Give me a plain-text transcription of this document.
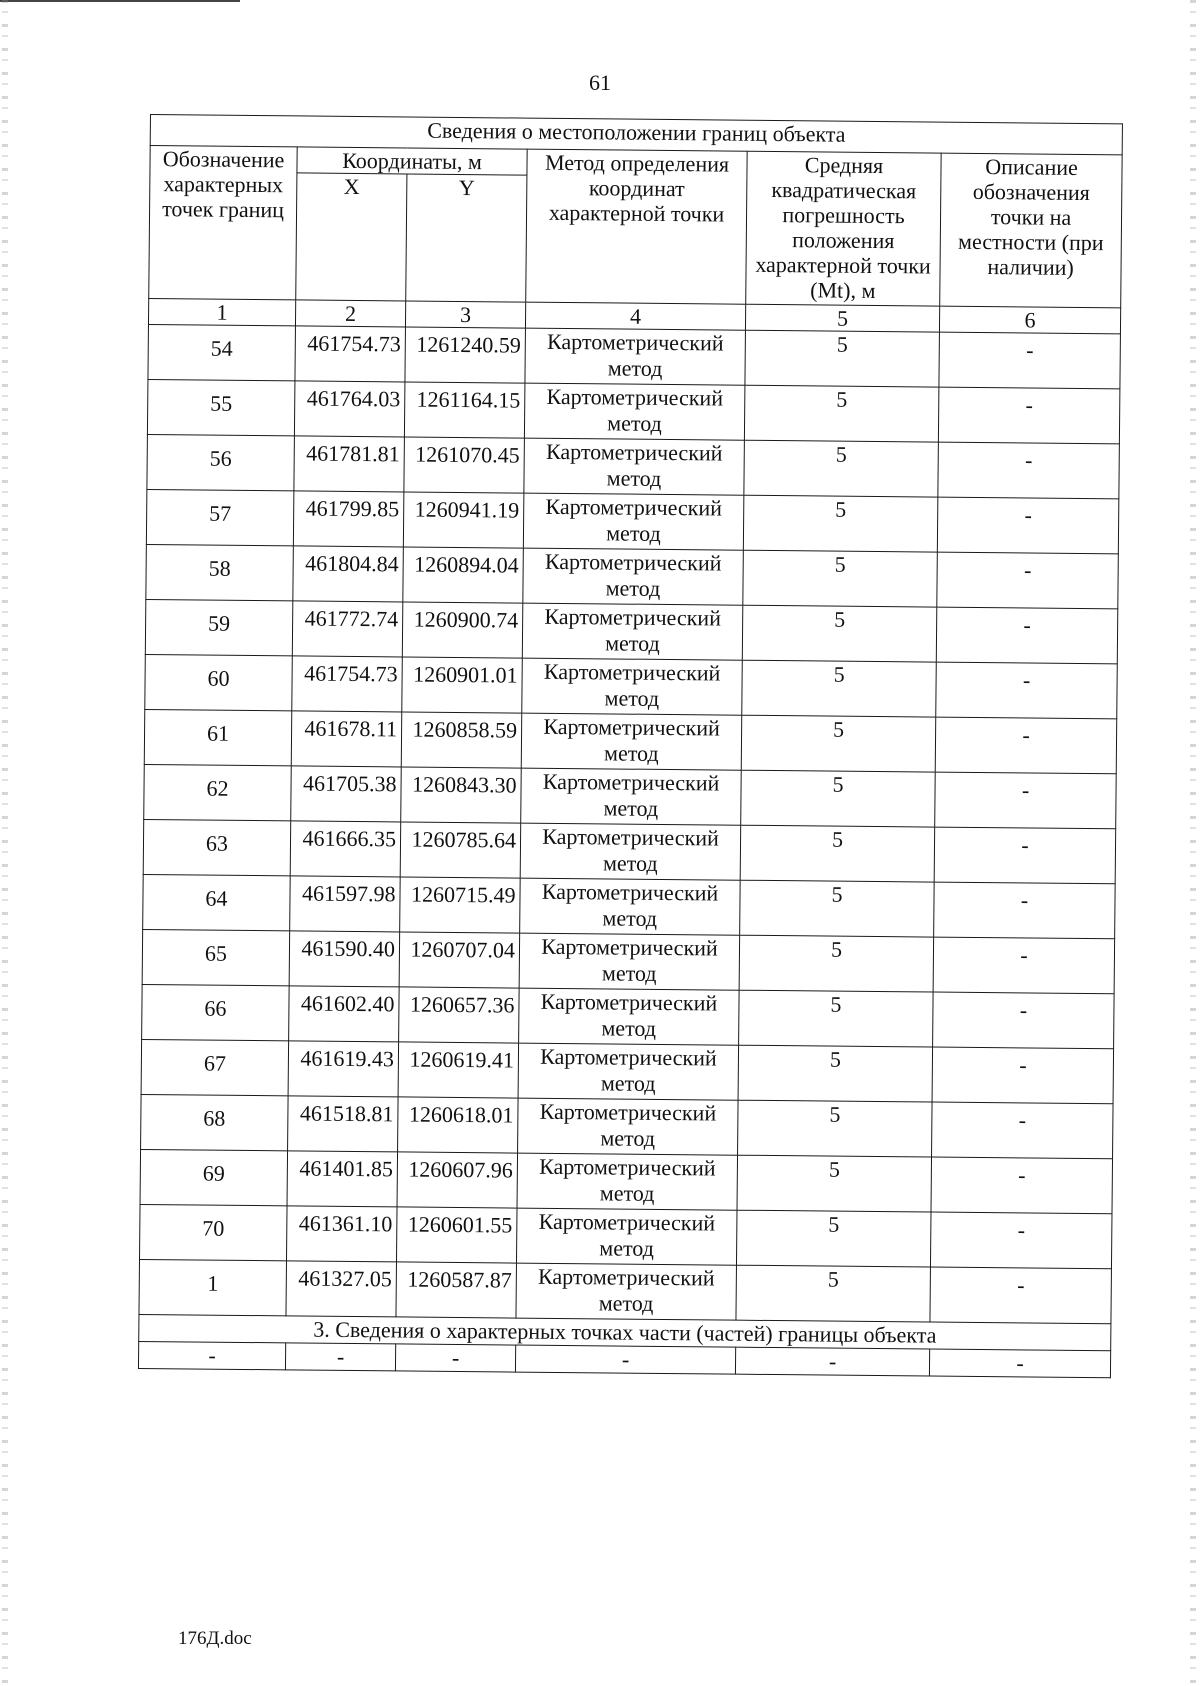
61
Сведения о местоположении границ объекта					
Обозначение характерных точек границ	Координаты, м		Метод определения координат характерной точки	Средняя квадратическая погрешность положения характерной точки (Mt), м	Описание обозначения точки на местности (при наличии)
	X	Y			
1	2	3	4	5	6
54	461754.73	1261240.59	Картометрический метод	5	-
55	461764.03	1261164.15	Картометрический метод	5	-
56	461781.81	1261070.45	Картометрический метод	5	-
57	461799.85	1260941.19	Картометрический метод	5	-
58	461804.84	1260894.04	Картометрический метод	5	-
59	461772.74	1260900.74	Картометрический метод	5	-
60	461754.73	1260901.01	Картометрический метод	5	-
61	461678.11	1260858.59	Картометрический метод	5	-
62	461705.38	1260843.30	Картометрический метод	5	-
63	461666.35	1260785.64	Картометрический метод	5	-
64	461597.98	1260715.49	Картометрический метод	5	-
65	461590.40	1260707.04	Картометрический метод	5	-
66	461602.40	1260657.36	Картометрический метод	5	-
67	461619.43	1260619.41	Картометрический метод	5	-
68	461518.81	1260618.01	Картометрический метод	5	-
69	461401.85	1260607.96	Картометрический метод	5	-
70	461361.10	1260601.55	Картометрический метод	5	-
1	461327.05	1260587.87	Картометрический метод	5	-
3. Сведения о характерных точках части (частей) границы объекта					
-	-	-	-	-	-
176Д.doc
